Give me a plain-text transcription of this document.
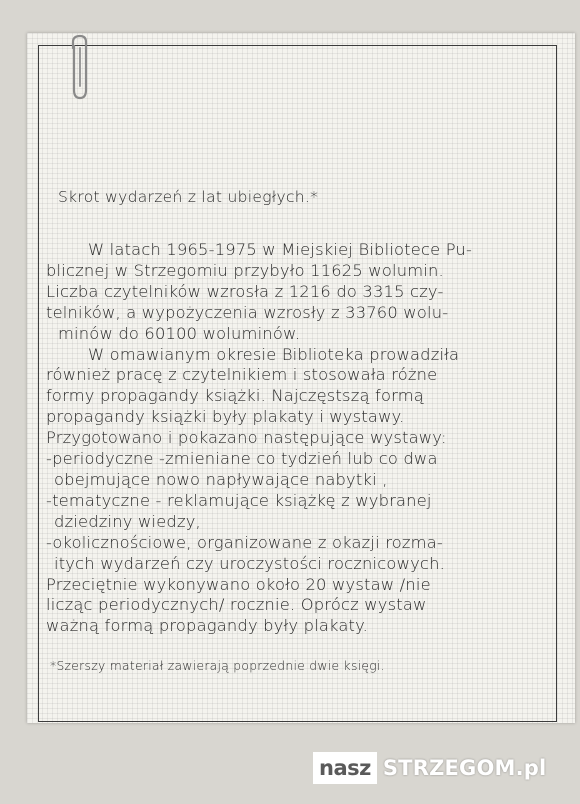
Skrot wydarzeń z lat ubiegłych.*
W latach 1965-1975 w Miejskiej Bibliotece Pu-
blicznej w Strzegomiu przybyło 11625 wolumin.
Liczba czytelników wzrosła z 1216 do 3315 czy-
telników, a wypożyczenia wzrosły z 33760 wolu-
minów do 60100 woluminów.
W omawianym okresie Biblioteka prowadziła
również pracę z czytelnikiem i stosowała różne
formy propagandy książki. Najczęstszą formą
propagandy książki były plakaty i wystawy.
Przygotowano i pokazano następujące wystawy:
-periodyczne -zmieniane co tydzień lub co dwa
obejmujące nowo napływające nabytki ,
-tematyczne - reklamujące książkę z wybranej
dziedziny wiedzy,
-okolicznościowe, organizowane z okazji rozma-
itych wydarzeń czy uroczystości rocznicowych.
Przeciętnie wykonywano około 20 wystaw /nie
licząc periodycznych/ rocznie. Oprócz wystaw
ważną formą propagandy były plakaty.
*Szerszy materiał zawierają poprzednie dwie księgi.
nasz STRZEGOM.pl
